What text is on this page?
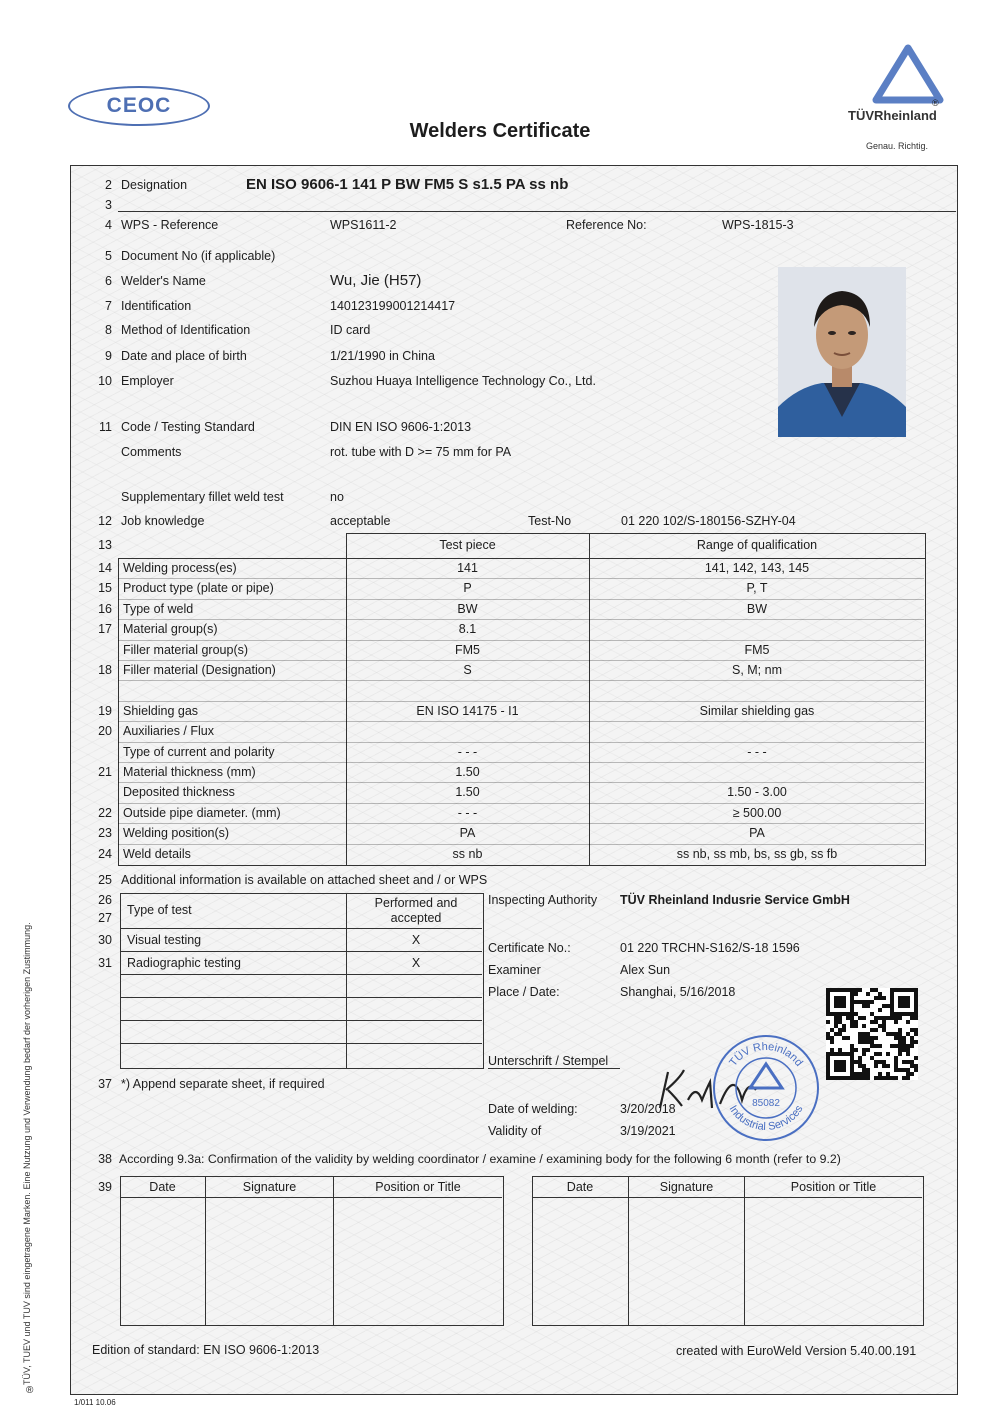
CEOC
Welders Certificate
®
TÜVRheinland
Genau. Richtig.
TÜV, TUEV und TUV sind eingetragene Marken. Eine Nutzung und Verwendung bedarf der vorherigen Zustimmung.
®
2 Designation	EN ISO 9606-1 141 P BW FM5 S s1.5 PA ss nb
3
4 WPS - Reference	WPS1611-2	Reference No:	WPS-1815-3
5 Document No (if applicable)
6 Welder's Name	Wu, Jie (H57)
7 Identification	140123199001214417
8 Method of Identification	ID card
9 Date and place of birth	1/21/1990 in China
10 Employer	Suzhou Huaya Intelligence Technology Co., Ltd.
11 Code / Testing Standard	DIN EN ISO 9606-1:2013
Comments	rot. tube with D >= 75 mm for PA
Supplementary fillet weld test	no
12 Job knowledge	acceptable	Test-No	01 220 102/S-180156-SZHY-04
13	Test piece	Range of qualification
14 Welding process(es)	141	141, 142, 143, 145
15 Product type (plate or pipe)	P	P, T
16 Type of weld	BW	BW
17 Material group(s)	8.1
Filler material group(s)	FM5	FM5
18 Filler material (Designation)	S	S, M; nm
19 Shielding gas	EN ISO 14175 - I1	Similar shielding gas
20 Auxiliaries / Flux
Type of current and polarity	- - -	- - -
21 Material thickness (mm)	1.50
Deposited thickness	1.50	1.50 - 3.00
22 Outside pipe diameter. (mm)	- - -	≥ 500.00
23 Welding position(s)	PA	PA
24 Weld details	ss nb	ss nb, ss mb, bs, ss gb, ss fb
25 Additional information is available on attached sheet and / or WPS
26
27
Type of test	Performed and accepted
30 Visual testing	X
31 Radiographic testing	X
Inspecting Authority TÜV Rheinland Indusrie Service GmbH
Certificate No.:	01 220 TRCHN-S162/S-18 1596
Examiner	Alex Sun
Place / Date:	Shanghai, 5/16/2018
Unterschrift / Stempel
Date of welding:	3/20/2018
Validity of	3/19/2021
TÜV Rheinland
Industrial Services
85082
37 *) Append separate sheet, if required
38 According 9.3a: Confirmation of the validity by welding coordinator / examine / examining body for the following 6 month (refer to 9.2)
39	Date	Signature	Position or Title	Date	Signature	Position or Title
Edition of standard: EN ISO 9606-1:2013	created with EuroWeld Version 5.40.00.191
1/011 10.06
